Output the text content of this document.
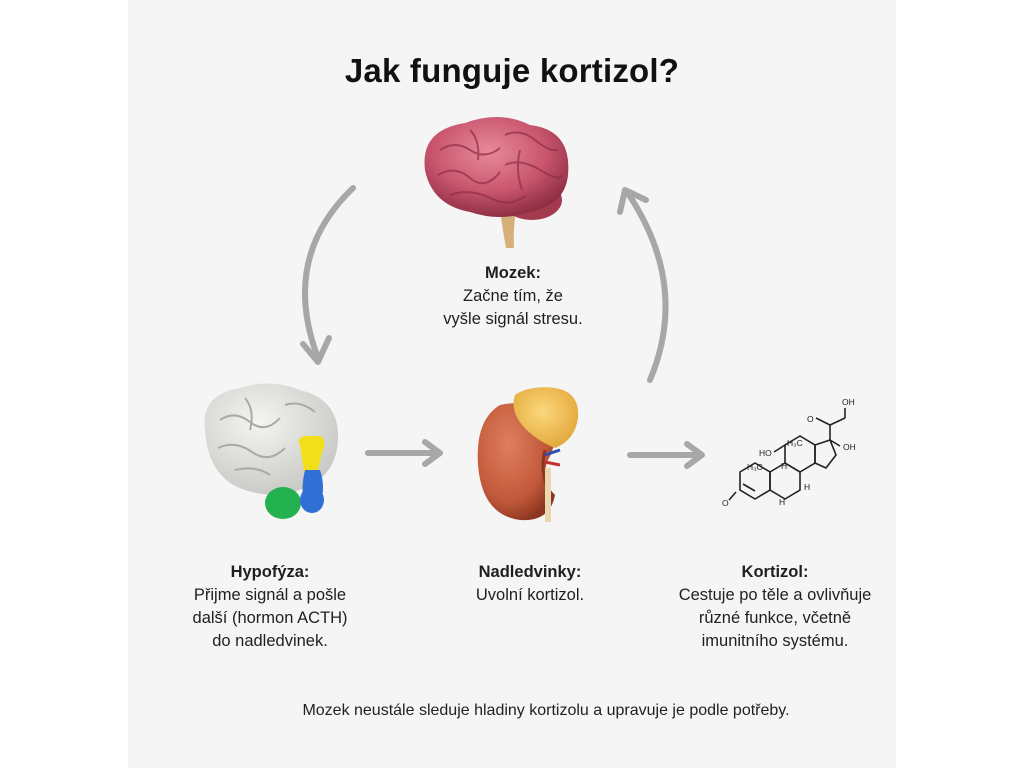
Jak funguje kortizol?
OH
OH
HO
O
O
H₃C
H₃C
H
H
H
Mozek:
Začne tím, že
vyšle signál stresu.
Hypofýza:
Přijme signál a pošle
další (hormon ACTH)
do nadledvinek.
Nadledvinky:
Uvolní kortizol.
Kortizol:
Cestuje po těle a ovlivňuje
různé funkce, včetně
imunitního systému.
Mozek neustále sleduje hladiny kortizolu a upravuje je podle potřeby.
